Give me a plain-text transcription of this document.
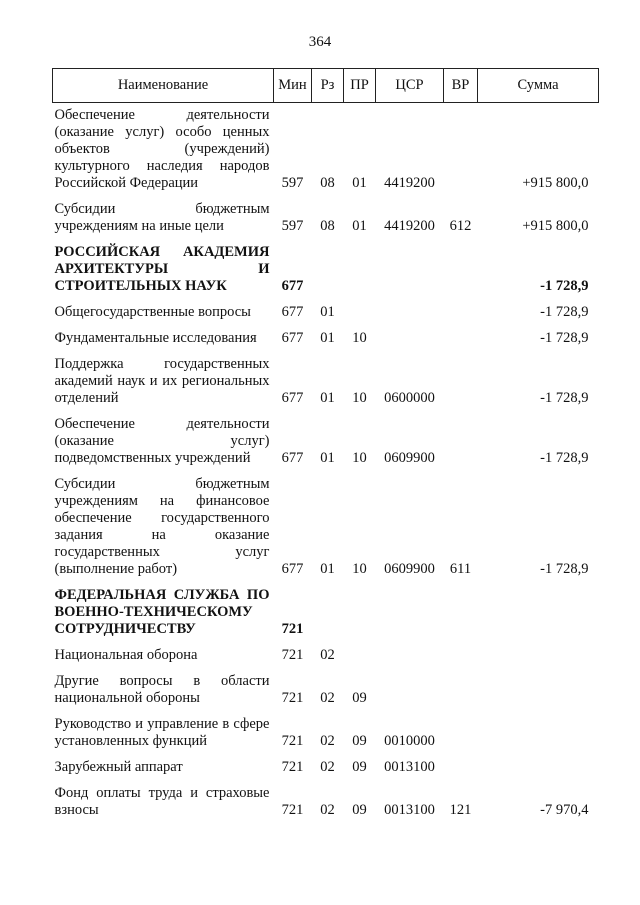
364
Наименование	Мин	Рз	ПР	ЦСР	ВР	Сумма
Обеспечение деятельности (оказание услуг) особо ценных объектов (учреждений) культурного наследия народов Российской Федерации	597	08	01	4419200		+915 800,0
Субсидии бюджетным учреждениям на иные цели	597	08	01	4419200	612	+915 800,0
РОССИЙСКАЯ АКАДЕМИЯ АРХИТЕКТУРЫ И СТРОИТЕЛЬНЫХ НАУК	677					-1 728,9
Общегосударственные вопросы	677	01				-1 728,9
Фундаментальные исследования	677	01	10			-1 728,9
Поддержка государственных академий наук и их региональных отделений	677	01	10	0600000		-1 728,9
Обеспечение деятельности (оказание услуг) подведомственных учреждений	677	01	10	0609900		-1 728,9
Субсидии бюджетным учреждениям на финансовое обеспечение государственного задания на оказание государственных услуг (выполнение работ)	677	01	10	0609900	611	-1 728,9
ФЕДЕРАЛЬНАЯ СЛУЖБА ПО ВОЕННО-ТЕХНИЧЕСКОМУ СОТРУДНИЧЕСТВУ	721					
Национальная оборона	721	02				
Другие вопросы в области национальной обороны	721	02	09			
Руководство и управление в сфере установленных функций	721	02	09	0010000		
Зарубежный аппарат	721	02	09	0013100		
Фонд оплаты труда и страховые взносы	721	02	09	0013100	121	-7 970,4
